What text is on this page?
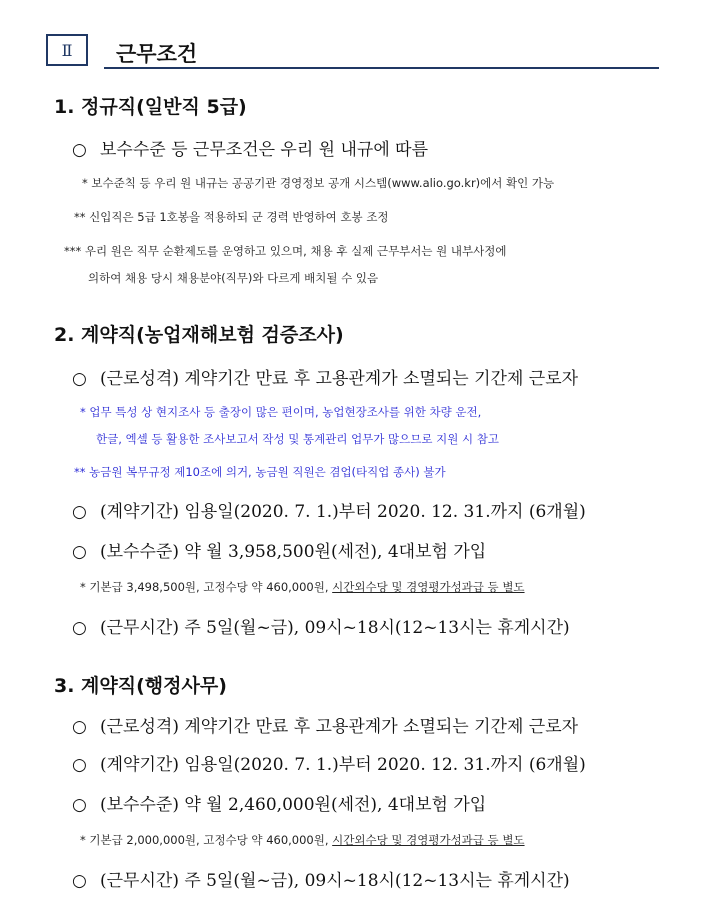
Ⅱ 근무조건
1. 정규직(일반직 5급)
○ 보수수준 등 근무조건은 우리 원 내규에 따름
* 보수준칙 등 우리 원 내규는 공공기관 경영정보 공개 시스템(www.alio.go.kr)에서 확인 가능
** 신입직은 5급 1호봉을 적용하되 군 경력 반영하여 호봉 조정
*** 우리 원은 직무 순환제도를 운영하고 있으며, 채용 후 실제 근무부서는 원 내부사정에
의하여 채용 당시 채용분야(직무)와 다르게 배치될 수 있음
2. 계약직(농업재해보험 검증조사)
○ (근로성격) 계약기간 만료 후 고용관계가 소멸되는 기간제 근로자
* 업무 특성 상 현지조사 등 출장이 많은 편이며, 농업현장조사를 위한 차량 운전,
한글, 엑셀 등 활용한 조사보고서 작성 및 통계관리 업무가 많으므로 지원 시 참고
** 농금원 복무규정 제10조에 의거, 농금원 직원은 겸업(타직업 종사) 불가
○ (계약기간) 임용일(2020. 7. 1.)부터 2020. 12. 31.까지 (6개월)
○ (보수수준) 약 월 3,958,500원(세전), 4대보험 가입
* 기본급 3,498,500원, 고정수당 약 460,000원, 시간외수당 및 경영평가성과급 등 별도
○ (근무시간) 주 5일(월~금), 09시~18시(12~13시는 휴게시간)
3. 계약직(행정사무)
○ (근로성격) 계약기간 만료 후 고용관계가 소멸되는 기간제 근로자
○ (계약기간) 임용일(2020. 7. 1.)부터 2020. 12. 31.까지 (6개월)
○ (보수수준) 약 월 2,460,000원(세전), 4대보험 가입
* 기본급 2,000,000원, 고정수당 약 460,000원, 시간외수당 및 경영평가성과급 등 별도
○ (근무시간) 주 5일(월~금), 09시~18시(12~13시는 휴게시간)
